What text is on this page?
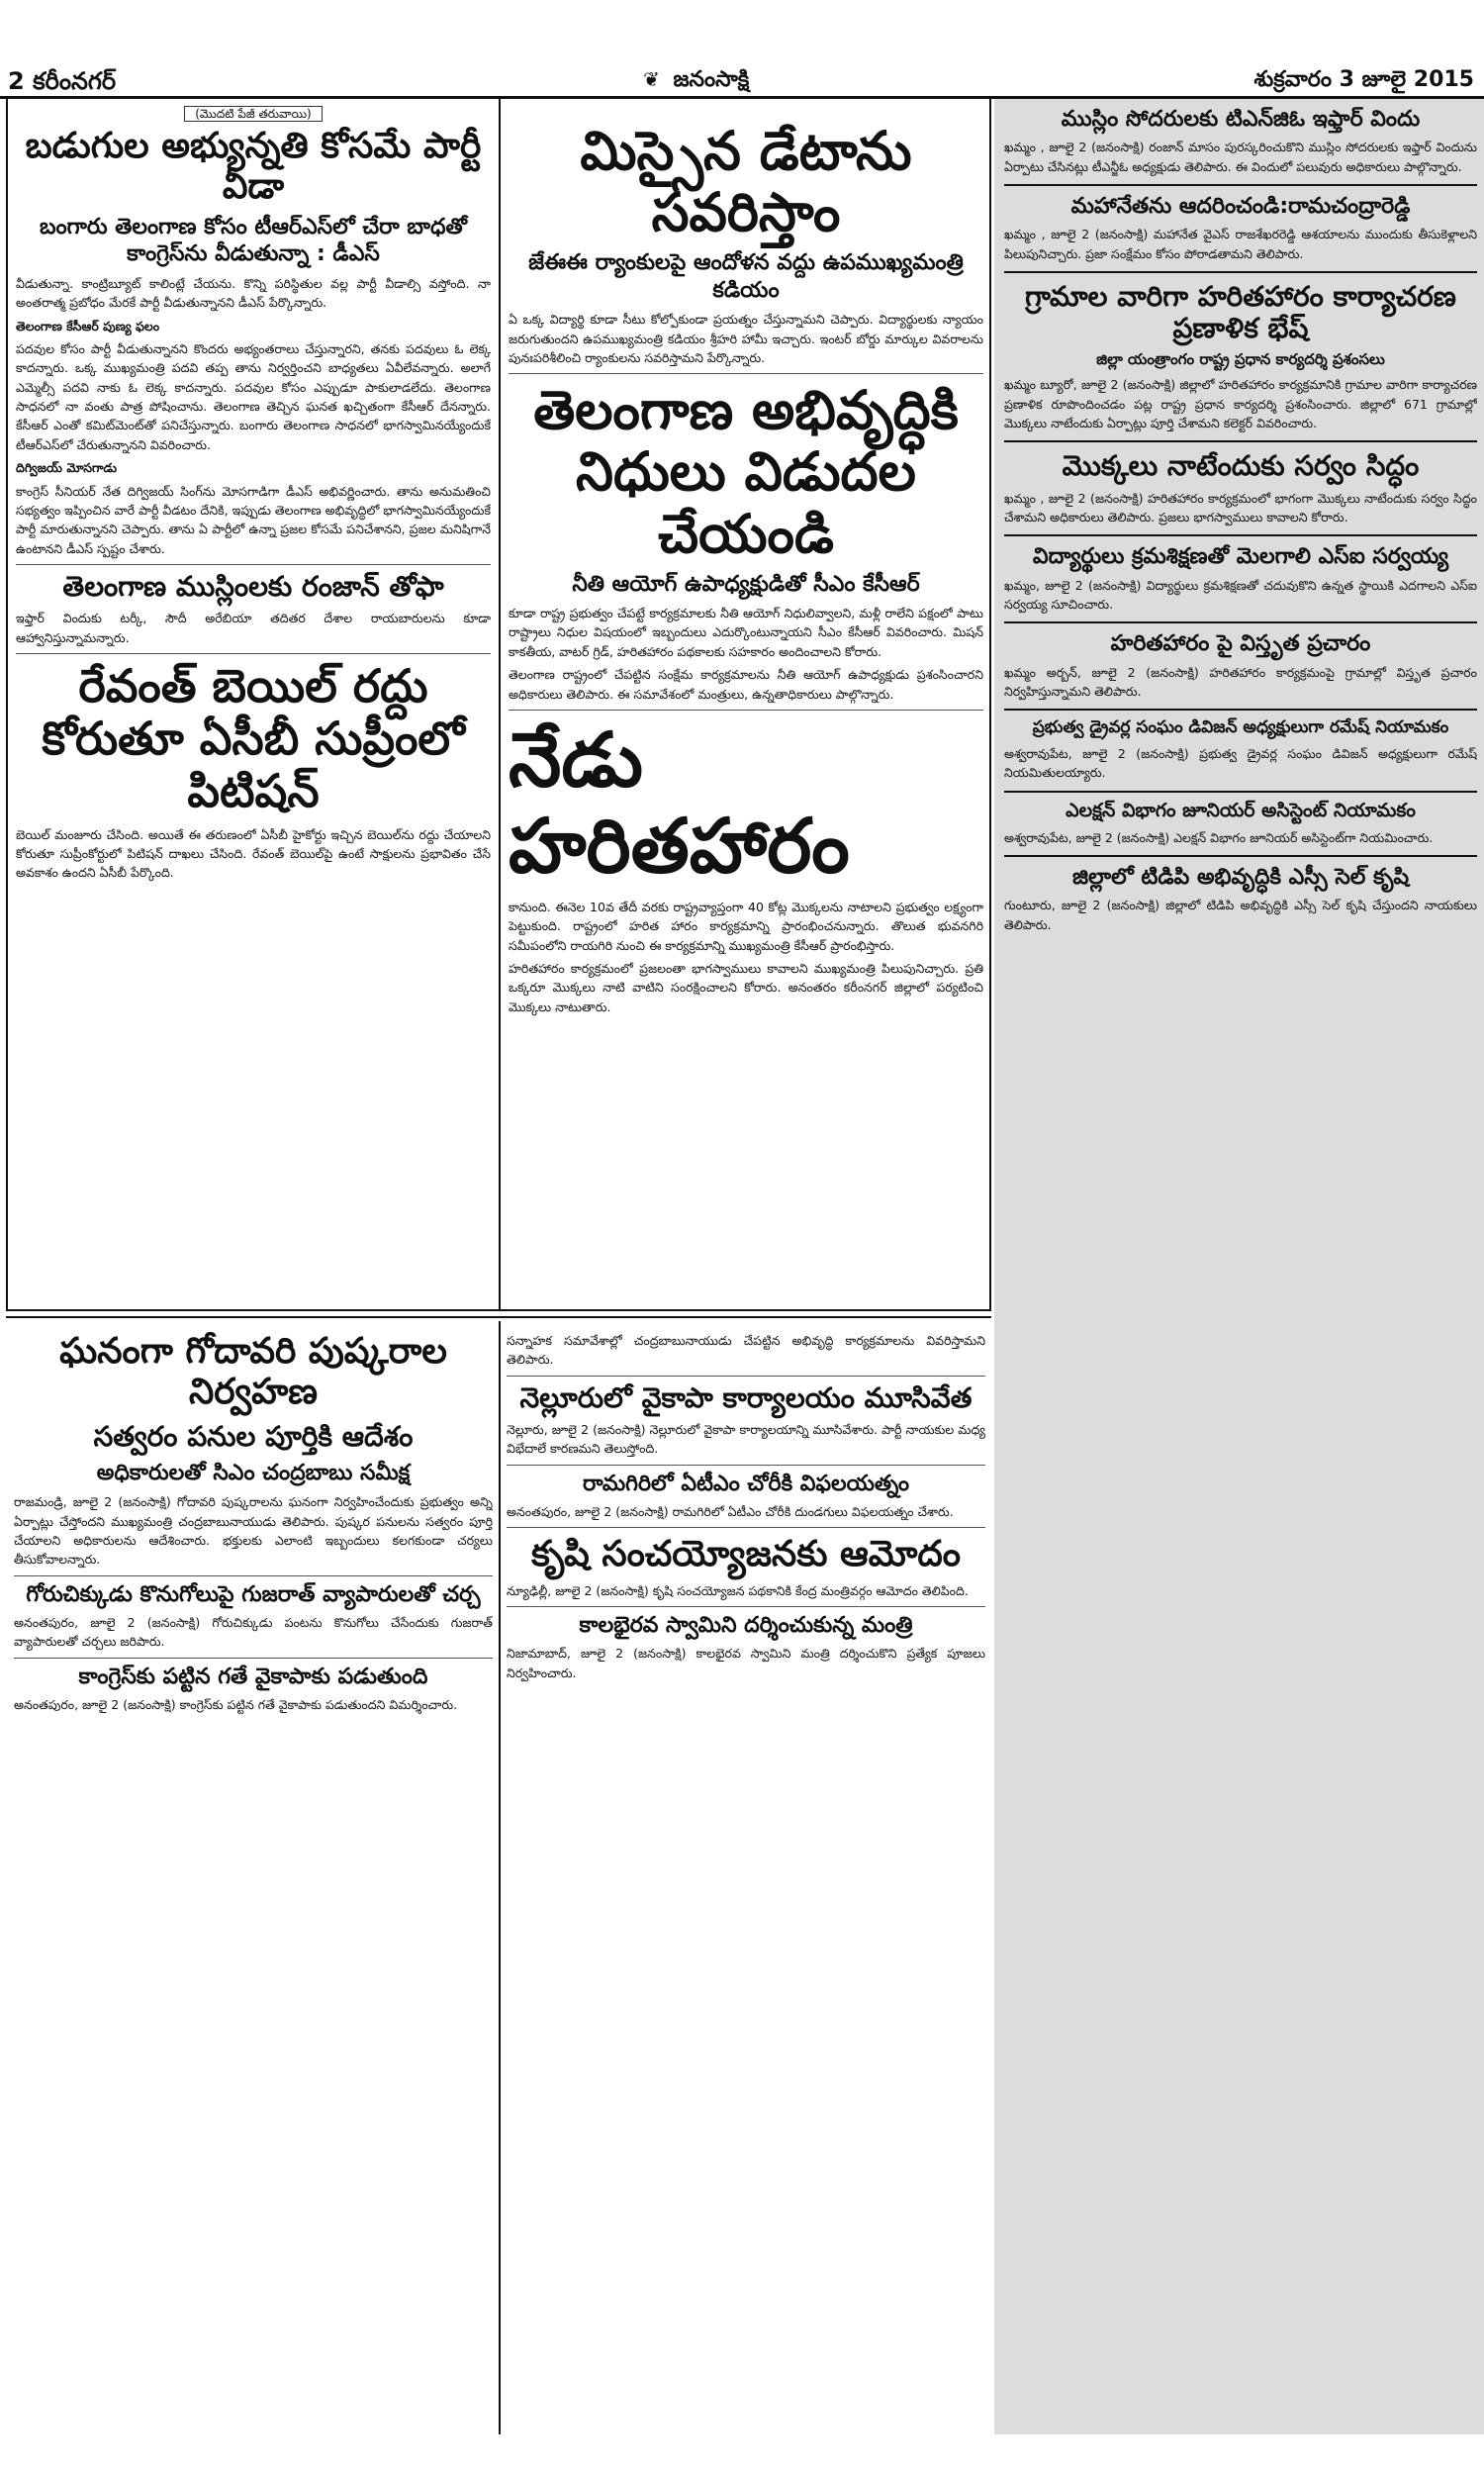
2 కరీంనగర్	❦ జనంసాక్షి	శుక్రవారం 3 జూలై 2015
(మొదటి పేజీ తరువాయి)
బడుగుల అభ్యున్నతి కోసమే పార్టీ వీడా
బంగారు తెలంగాణ కోసం టీఆర్‌ఎస్‌లో చేరా బాధతో కాంగ్రెస్‌ను వీడుతున్నా : డీఎస్

వీడుతున్నా. కాంట్రిబ్యూట్ కాలింట్లే చేయను. కొన్ని పరిస్థితుల వల్ల పార్టీ వీడాల్సి వస్తోంది. నా అంతరాత్మ ప్రబోధం మేరకే పార్టీ వీడుతున్నానని డీఎస్ పేర్కొన్నారు.

తెలంగాణ కేసీఆర్ పుణ్య ఫలం

పదవుల కోసం పార్టీ వీడుతున్నానని కొందరు అభ్యంతరాలు చేస్తున్నారని, తనకు పదవులు ఓ లెక్క కాదన్నారు. ఒక్క ముఖ్యమంత్రి పదవి తప్ప తాను నిర్వర్తించని బాధ్యతలు ఏవీలేవన్నారు. అలాగే ఎమ్మెల్సీ పదవి నాకు ఓ లెక్క కాదన్నారు. పదవుల కోసం ఎప్పుడూ పాకులాడలేదు. తెలంగాణ సాధనలో నా వంతు పాత్ర పోషించాను. తెలంగాణ తెచ్చిన ఘనత ఖచ్చితంగా కేసీఆర్ దేనన్నారు. కేసీఆర్ ఎంతో కమిట్‌మెంట్‌తో పనిచేస్తున్నారు. బంగారు తెలంగాణ సాధనలో భాగస్వామినయ్యేందుకే టీఆర్‌ఎస్‌లో చేరుతున్నానని వివరించారు.

దిగ్విజయ్ మోసగాడు

కాంగ్రెస్ సీనియర్ నేత దిగ్విజయ్ సింగ్‌ను మోసగాడిగా డీఎస్ అభివర్ణించారు. తాను అనుమతించి సభ్యత్వం ఇప్పించిన వారే పార్టీ వీడటం దేనికి, ఇప్పుడు తెలంగాణ అభివృద్ధిలో భాగస్వామినయ్యేందుకే పార్టీ మారుతున్నానని చెప్పారు. తాను ఏ పార్టీలో ఉన్నా ప్రజల కోసమే పనిచేశానని, ప్రజల మనిషిగానే ఉంటానని డీఎస్ స్పష్టం చేశారు.

తెలంగాణ ముస్లింలకు రంజాన్ తోఫా
ఇఫ్తార్ విందుకు టర్కీ, సౌదీ అరేబియా తదితర దేశాల రాయబారులను కూడా ఆహ్వానిస్తున్నామన్నారు.
రేవంత్ బెయిల్ రద్దు కోరుతూ ఏసీబీ సుప్రీంలో పిటిషన్
బెయిల్ మంజూరు చేసింది. అయితే ఈ తరుణంలో ఏసీబీ హైకోర్టు ఇచ్చిన బెయిల్‌ను రద్దు చేయాలని కోరుతూ సుప్రీంకోర్టులో పిటిషన్ దాఖలు చేసింది. రేవంత్ బెయిల్‌పై ఉంటే సాక్షులను ప్రభావితం చేసే అవకాశం ఉందని ఏసీబీ పేర్కొంది.
మిస్సైన డేటాను సవరిస్తాం
జేఈఈ ర్యాంకులపై ఆందోళన వద్దు ఉపముఖ్యమంత్రి కడియం
ఏ ఒక్క విద్యార్థి కూడా సీటు కోల్పోకుండా ప్రయత్నం చేస్తున్నామని చెప్పారు. విద్యార్థులకు న్యాయం జరుగుతుందని ఉపముఖ్యమంత్రి కడియం శ్రీహరి హామీ ఇచ్చారు. ఇంటర్ బోర్డు మార్కుల వివరాలను పునఃపరిశీలించి ర్యాంకులను సవరిస్తామని పేర్కొన్నారు.
తెలంగాణ అభివృద్ధికి నిధులు విడుదల చేయండి
నీతి ఆయోగ్ ఉపాధ్యక్షుడితో సీఎం కేసీఆర్

కూడా రాష్ట్ర ప్రభుత్వం చేపట్టే కార్యక్రమాలకు నీతి ఆయోగ్ నిధులివ్వాలని, మళ్లీ రాలేని పక్షంలో పాటు రాష్ట్రాలు నిధుల విషయంలో ఇబ్బందులు ఎదుర్కొంటున్నాయని సీఎం కేసీఆర్ వివరించారు. మిషన్ కాకతీయ, వాటర్ గ్రిడ్, హరితహారం పథకాలకు సహకారం అందించాలని కోరారు.

తెలంగాణ రాష్ట్రంలో చేపట్టిన సంక్షేమ కార్యక్రమాలను నీతి ఆయోగ్ ఉపాధ్యక్షుడు ప్రశంసించారని అధికారులు తెలిపారు. ఈ సమావేశంలో మంత్రులు, ఉన్నతాధికారులు పాల్గొన్నారు.

నేడు హరితహారం

కానుంది. ఈనెల 10వ తేదీ వరకు రాష్ట్రవ్యాప్తంగా 40 కోట్ల మొక్కలను నాటాలని ప్రభుత్వం లక్ష్యంగా పెట్టుకుంది. రాష్ట్రంలో హరిత హారం కార్యక్రమాన్ని ప్రారంభించనున్నారు. తొలుత భువనగిరి సమీపంలోని రాయగిరి నుంచి ఈ కార్యక్రమాన్ని ముఖ్యమంత్రి కేసీఆర్ ప్రారంభిస్తారు.

హరితహారం కార్యక్రమంలో ప్రజలంతా భాగస్వాములు కావాలని ముఖ్యమంత్రి పిలుపునిచ్చారు. ప్రతి ఒక్కరూ మొక్కలు నాటి వాటిని సంరక్షించాలని కోరారు. అనంతరం కరీంనగర్ జిల్లాలో పర్యటించి మొక్కలు నాటుతారు.

ఘనంగా గోదావరి పుష్కరాల నిర్వహణ
సత్వరం పనుల పూర్తికి ఆదేశం
అధికారులతో సిఎం చంద్రబాబు సమీక్ష
రాజమండ్రి, జూలై 2 (జనంసాక్షి) గోదావరి పుష్కరాలను ఘనంగా నిర్వహించేందుకు ప్రభుత్వం అన్ని ఏర్పాట్లు చేస్తోందని ముఖ్యమంత్రి చంద్రబాబునాయుడు తెలిపారు. పుష్కర పనులను సత్వరం పూర్తి చేయాలని అధికారులను ఆదేశించారు. భక్తులకు ఎలాంటి ఇబ్బందులు కలగకుండా చర్యలు తీసుకోవాలన్నారు.
గోరుచిక్కుడు కొనుగోలుపై గుజరాత్ వ్యాపారులతో చర్చ
అనంతపురం, జూలై 2 (జనంసాక్షి) గోరుచిక్కుడు పంటను కొనుగోలు చేసేందుకు గుజరాత్ వ్యాపారులతో చర్చలు జరిపారు.
కాంగ్రెస్‌కు పట్టిన గతే వైకాపాకు పడుతుంది
అనంతపురం, జూలై 2 (జనంసాక్షి) కాంగ్రెస్‌కు పట్టిన గతే వైకాపాకు పడుతుందని విమర్శించారు.
సన్నాహక సమావేశాల్లో చంద్రబాబునాయుడు చేపట్టిన అభివృద్ధి కార్యక్రమాలను వివరిస్తామని తెలిపారు.
నెల్లూరులో వైకాపా కార్యాలయం మూసివేత
నెల్లూరు, జూలై 2 (జనంసాక్షి) నెల్లూరులో వైకాపా కార్యాలయాన్ని మూసివేశారు. పార్టీ నాయకుల మధ్య విభేదాలే కారణమని తెలుస్తోంది.
రామగిరిలో ఏటీఎం చోరీకి విఫలయత్నం
అనంతపురం, జూలై 2 (జనంసాక్షి) రామగిరిలో ఏటీఎం చోరీకి దుండగులు విఫలయత్నం చేశారు.
కృషి సంచయ్యోజనకు ఆమోదం
న్యూఢిల్లీ, జూలై 2 (జనంసాక్షి) కృషి సంచయ్యోజన పథకానికి కేంద్ర మంత్రివర్గం ఆమోదం తెలిపింది.
కాలభైరవ స్వామిని దర్శించుకున్న మంత్రి
నిజామాబాద్, జూలై 2 (జనంసాక్షి) కాలభైరవ స్వామిని మంత్రి దర్శించుకొని ప్రత్యేక పూజలు నిర్వహించారు.
ముస్లిం సోదరులకు టిఎన్‌జిఓ ఇఫ్తార్ విందు
ఖమ్మం , జూలై 2 (జనంసాక్షి) రంజాన్ మాసం పురస్కరించుకొని ముస్లిం సోదరులకు ఇఫ్తార్ విందును ఏర్పాటు చేసినట్లు టీఎన్జీఓ అధ్యక్షుడు తెలిపారు. ఈ విందులో పలువురు అధికారులు పాల్గొన్నారు.
మహానేతను ఆదరించండి:రామచంద్రారెడ్డి
ఖమ్మం , జూలై 2 (జనంసాక్షి) మహానేత వైఎస్ రాజశేఖరరెడ్డి ఆశయాలను ముందుకు తీసుకెళ్లాలని పిలుపునిచ్చారు. ప్రజా సంక్షేమం కోసం పోరాడతామని తెలిపారు.
గ్రామాల వారిగా హరితహారం కార్యాచరణ ప్రణాళిక భేష్
జిల్లా యంత్రాంగం రాష్ట్ర ప్రధాన కార్యదర్శి ప్రశంసలు
ఖమ్మం బ్యూరో, జూలై 2 (జనంసాక్షి) జిల్లాలో హరితహారం కార్యక్రమానికి గ్రామాల వారిగా కార్యాచరణ ప్రణాళిక రూపొందించడం పట్ల రాష్ట్ర ప్రధాన కార్యదర్శి ప్రశంసించారు. జిల్లాలో 671 గ్రామాల్లో మొక్కలు నాటేందుకు ఏర్పాట్లు పూర్తి చేశామని కలెక్టర్ వివరించారు.
మొక్కలు నాటేందుకు సర్వం సిద్ధం
ఖమ్మం , జూలై 2 (జనంసాక్షి) హరితహారం కార్యక్రమంలో భాగంగా మొక్కలు నాటేందుకు సర్వం సిద్ధం చేశామని అధికారులు తెలిపారు. ప్రజలు భాగస్వాములు కావాలని కోరారు.
విద్యార్థులు క్రమశిక్షణతో మెలగాలి ఎస్ఐ సర్వయ్య
ఖమ్మం, జూలై 2 (జనంసాక్షి) విద్యార్థులు క్రమశిక్షణతో చదువుకొని ఉన్నత స్థాయికి ఎదగాలని ఎస్ఐ సర్వయ్య సూచించారు.
హరితహారం పై విస్తృత ప్రచారం
ఖమ్మం అర్బన్, జూలై 2 (జనంసాక్షి) హరితహారం కార్యక్రమంపై గ్రామాల్లో విస్తృత ప్రచారం నిర్వహిస్తున్నామని తెలిపారు.
ప్రభుత్వ డ్రైవర్ల సంఘం డివిజన్ అధ్యక్షులుగా రమేష్ నియామకం
అశ్వరావుపేట, జూలై 2 (జనంసాక్షి) ప్రభుత్వ డ్రైవర్ల సంఘం డివిజన్ అధ్యక్షులుగా రమేష్ నియమితులయ్యారు.
ఎలక్షన్ విభాగం జూనియర్ అసిస్టెంట్ నియామకం
అశ్వరావుపేట, జూలై 2 (జనంసాక్షి) ఎలక్షన్ విభాగం జూనియర్ అసిస్టెంట్‌గా నియమించారు.
జిల్లాలో టిడిపి అభివృద్ధికి ఎస్సీ సెల్ కృషి
గుంటూరు, జూలై 2 (జనంసాక్షి) జిల్లాలో టిడిపి అభివృద్ధికి ఎస్సీ సెల్ కృషి చేస్తుందని నాయకులు తెలిపారు.
